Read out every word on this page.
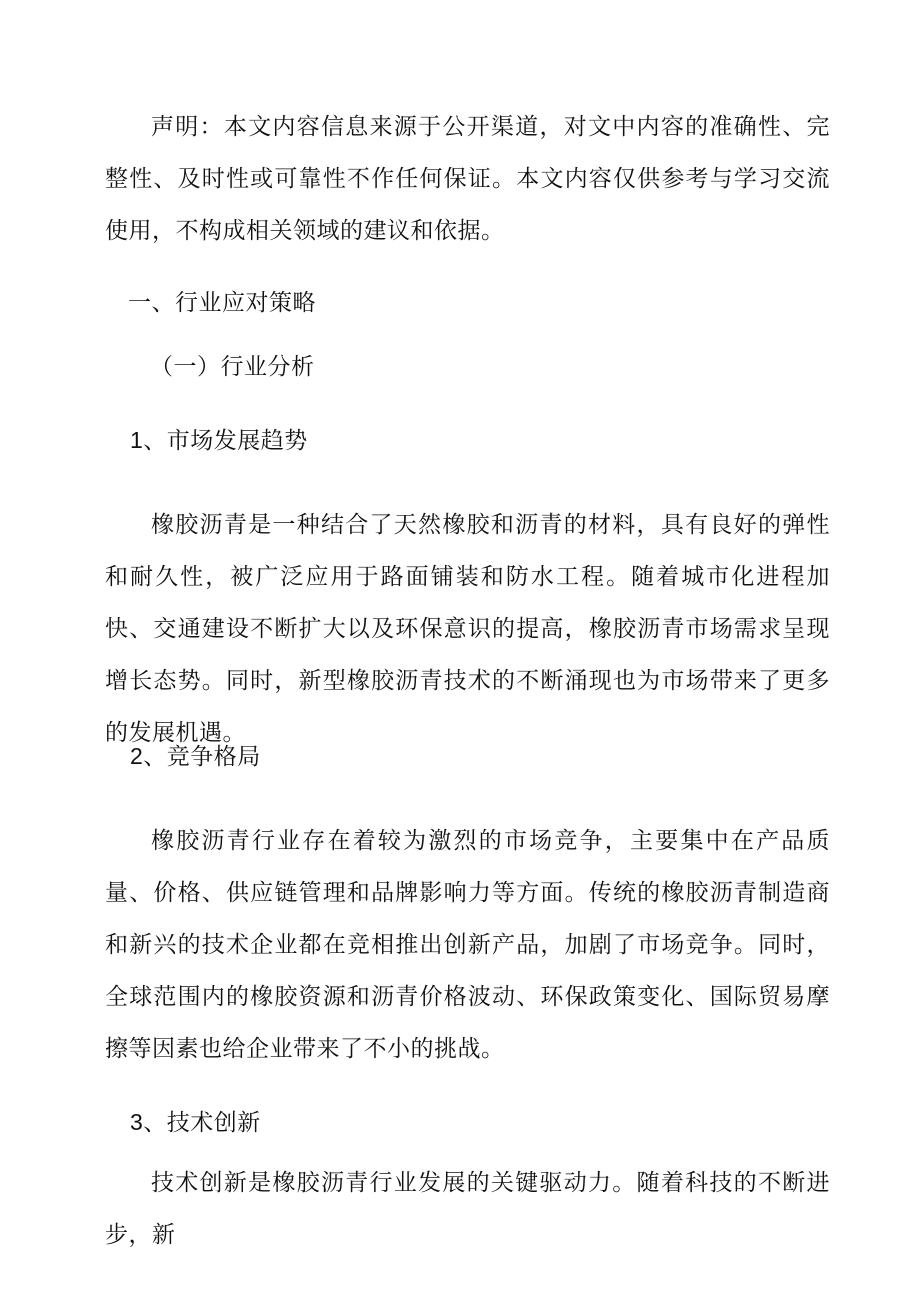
声明：本文内容信息来源于公开渠道，对文中内容的准确性、完整性、及时性或可靠性不作任何保证。本文内容仅供参考与学习交流使用，不构成相关领域的建议和依据。

一、行业应对策略
（一）行业分析
1、市场发展趋势

橡胶沥青是一种结合了天然橡胶和沥青的材料，具有良好的弹性和耐久性，被广泛应用于路面铺装和防水工程。随着城市化进程加快、交通建设不断扩大以及环保意识的提高，橡胶沥青市场需求呈现增长态势。同时，新型橡胶沥青技术的不断涌现也为市场带来了更多的发展机遇。

2、竞争格局

橡胶沥青行业存在着较为激烈的市场竞争，主要集中在产品质量、价格、供应链管理和品牌影响力等方面。传统的橡胶沥青制造商和新兴的技术企业都在竞相推出创新产品，加剧了市场竞争。同时，全球范围内的橡胶资源和沥青价格波动、环保政策变化、国际贸易摩擦等因素也给企业带来了不小的挑战。

3、技术创新

技术创新是橡胶沥青行业发展的关键驱动力。随着科技的不断进步，新
